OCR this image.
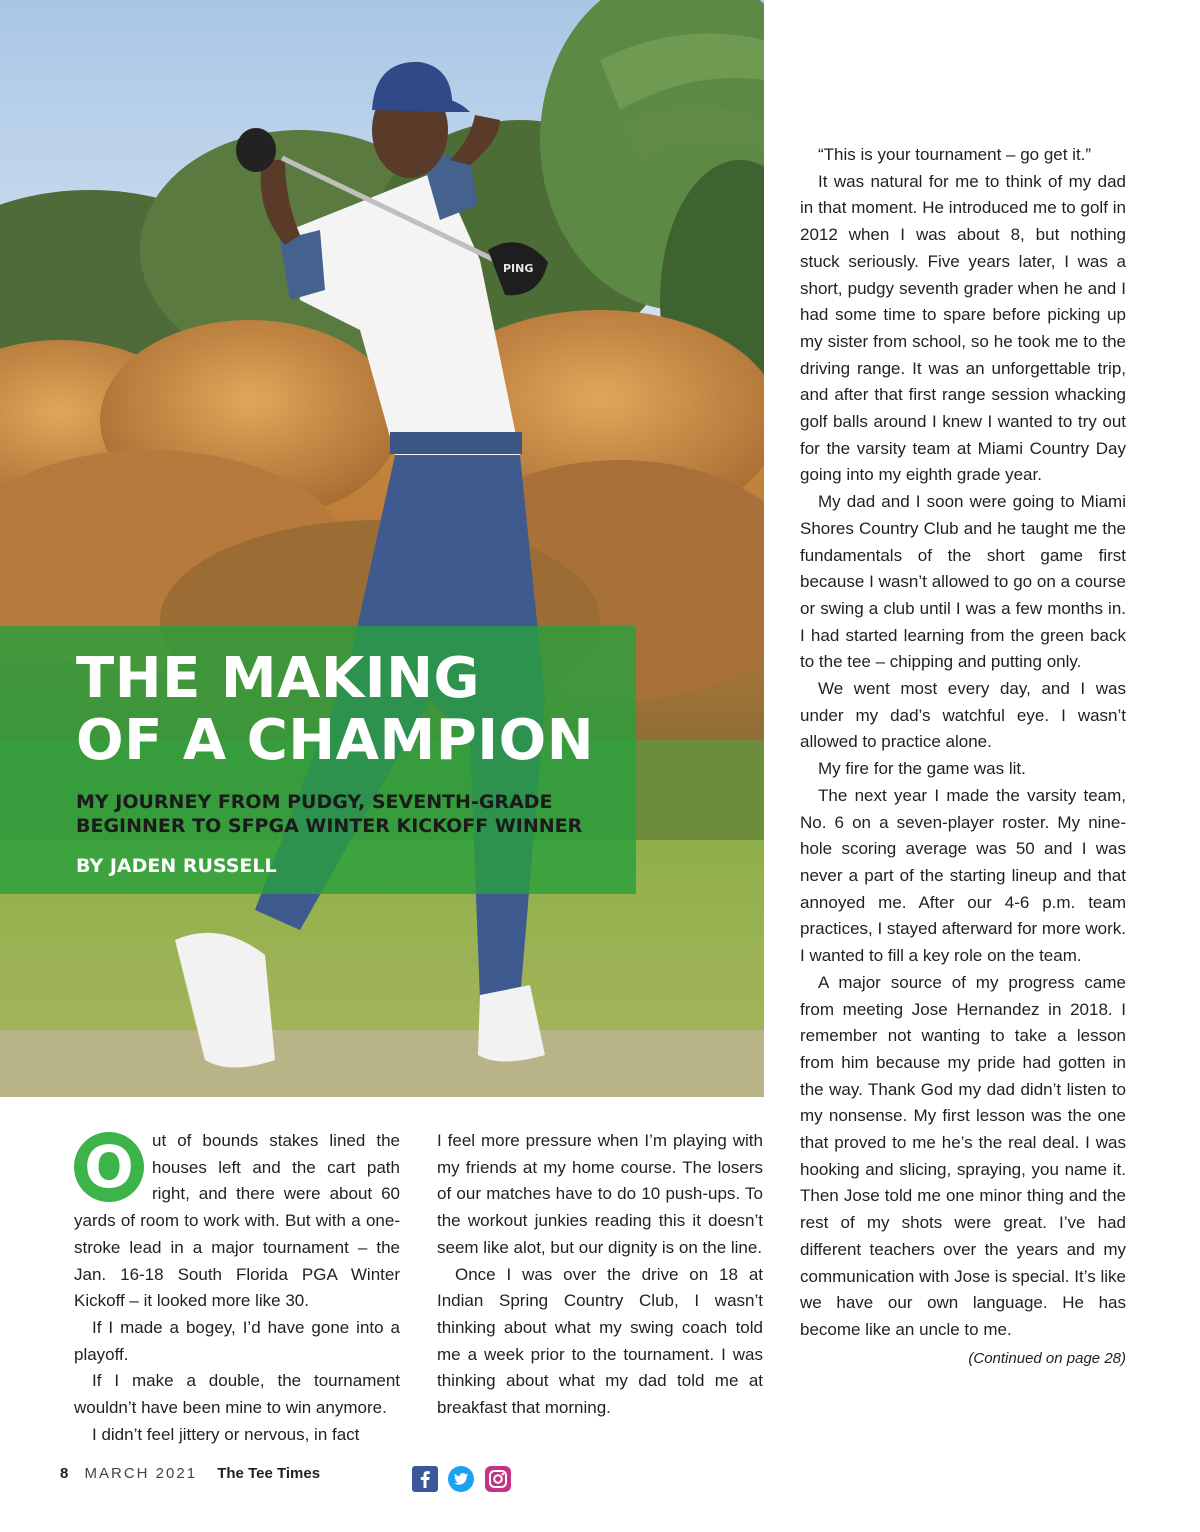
PING
THE MAKING
OF A CHAMPION
MY JOURNEY FROM PUDGY, SEVENTH-GRADE
BEGINNER TO SFPGA WINTER KICKOFF WINNER

BY JADEN RUSSELL

O	ut of bounds stakes lined the houses left and the cart path right, and there were about 60 yards of room to work with. But with a one-stroke lead in a major tournament – the Jan. 16-18 South Florida PGA Winter Kickoff – it looked more like 30.

If I made a bogey, I’d have gone into a playoff.

If I make a double, the tournament wouldn’t have been mine to win anymore.

I didn’t feel jittery or nervous, in fact

I feel more pressure when I’m playing with my friends at my home course. The losers of our matches have to do 10 push-ups. To the workout junkies reading this it doesn’t seem like alot, but our dignity is on the line.

Once I was over the drive on 18 at Indian Spring Country Club, I wasn’t thinking about what my swing coach told me a week prior to the tournament. I was thinking about what my dad told me at breakfast that morning.

“This is your tournament – go get it.”

It was natural for me to think of my dad in that moment. He introduced me to golf in 2012 when I was about 8, but nothing stuck seriously. Five years later, I was a short, pudgy seventh grader when he and I had some time to spare before picking up my sister from school, so he took me to the driving range. It was an unforgettable trip, and after that first range session whacking golf balls around I knew I wanted to try out for the varsity team at Miami Country Day going into my eighth grade year.

My dad and I soon were going to Miami Shores Country Club and he taught me the fundamentals of the short game first because I wasn’t allowed to go on a course or swing a club until I was a few months in. I had started learning from the green back to the tee – chipping and putting only.

We went most every day, and I was under my dad’s watchful eye. I wasn’t allowed to practice alone.

My fire for the game was lit.

The next year I made the varsity team, No. 6 on a seven-player roster. My nine-hole scoring average was 50 and I was never a part of the starting lineup and that annoyed me. After our 4-6 p.m. team practices, I stayed afterward for more work. I wanted to fill a key role on the team.

A major source of my progress came from meeting Jose Hernandez in 2018. I remember not wanting to take a lesson from him because my pride had gotten in the way. Thank God my dad didn’t listen to my nonsense. My first lesson was the one that proved to me he’s the real deal. I was hooking and slicing, spraying, you name it. Then Jose told me one minor thing and the rest of my shots were great. I’ve had different teachers over the years and my communication with Jose is special. It’s like we have our own language. He has become like an uncle to me.

(Continued on page 28)

8 MARCH 2021 The Tee Times
